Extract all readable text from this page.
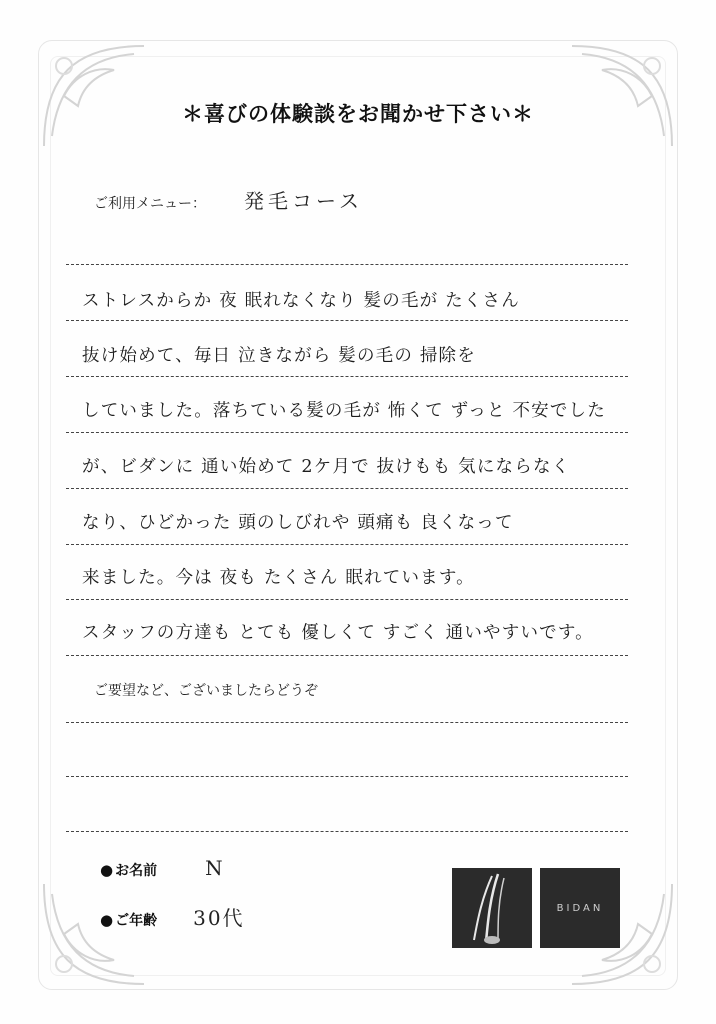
＊喜びの体験談をお聞かせ下さい＊
ご利用メニュー： 発毛コース
ストレスからか 夜 眠れなくなり 髪の毛が たくさん
抜け始めて、毎日 泣きながら 髪の毛の 掃除を
していました。落ちている髪の毛が 怖くて ずっと 不安でした
が、ビダンに 通い始めて 2ケ月で 抜けもも 気にならなく
なり、ひどかった 頭のしびれや 頭痛も 良くなって
来ました。今は 夜も たくさん 眠れています。
スタッフの方達も とても 優しくて すごく 通いやすいです。
ご要望など、ございましたらどうぞ
● お名前 N
● ご年齢 30代	BIDAN
